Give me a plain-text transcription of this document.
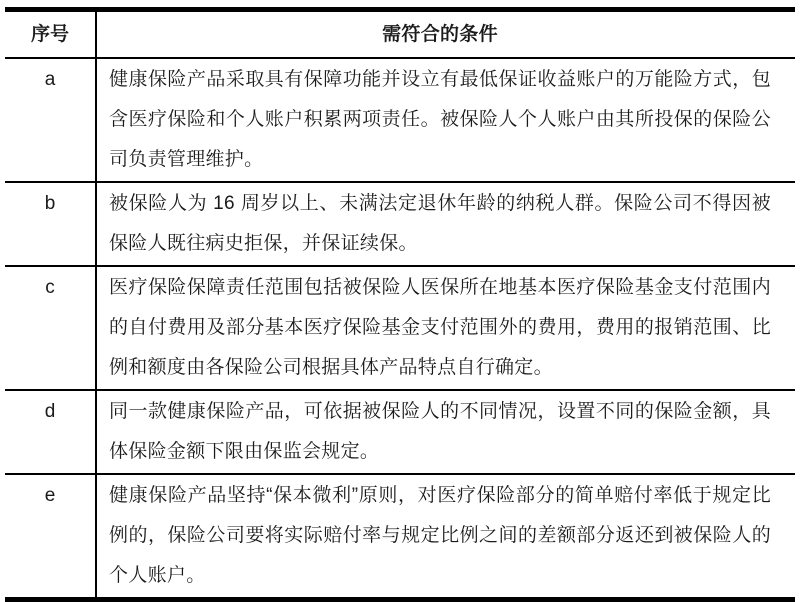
序号	需符合的条件
a	健康保险产品采取具有保障功能并设立有最低保证收益账户的万能险方式，包含医疗保险和个人账户积累两项责任。被保险人个人账户由其所投保的保险公司负责管理维护。
b	被保险人为 16 周岁以上、未满法定退休年龄的纳税人群。保险公司不得因被保险人既往病史拒保，并保证续保。
c	医疗保险保障责任范围包括被保险人医保所在地基本医疗保险基金支付范围内的自付费用及部分基本医疗保险基金支付范围外的费用，费用的报销范围、比例和额度由各保险公司根据具体产品特点自行确定。
d	同一款健康保险产品，可依据被保险人的不同情况，设置不同的保险金额，具体保险金额下限由保监会规定。
e	健康保险产品坚持“保本微利”原则，对医疗保险部分的简单赔付率低于规定比例的，保险公司要将实际赔付率与规定比例之间的差额部分返还到被保险人的个人账户。
